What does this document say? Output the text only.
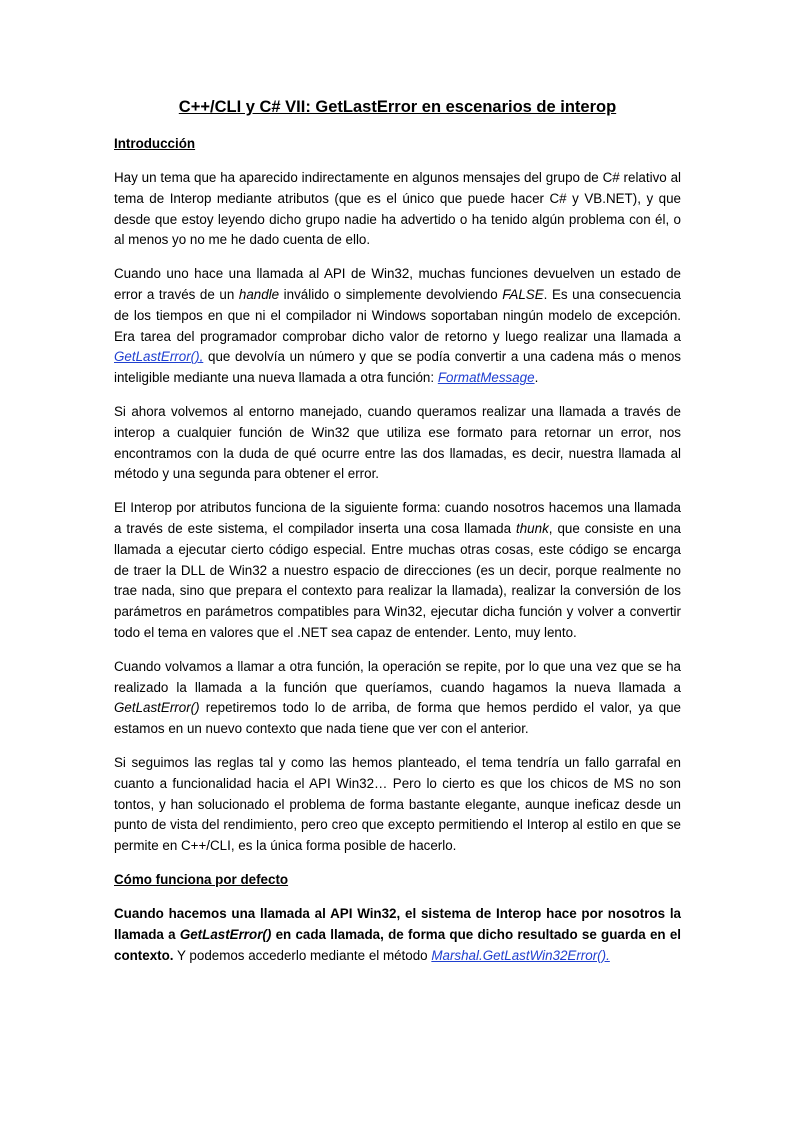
C++/CLI y C# VII: GetLastError en escenarios de interop
Introducción

Hay un tema que ha aparecido indirectamente en algunos mensajes del grupo de C# relativo al tema de Interop mediante atributos (que es el único que puede hacer C# y VB.NET), y que desde que estoy leyendo dicho grupo nadie ha advertido o ha tenido algún problema con él, o al menos yo no me he dado cuenta de ello.

Cuando uno hace una llamada al API de Win32, muchas funciones devuelven un estado de error a través de un handle inválido o simplemente devolviendo FALSE. Es una consecuencia de los tiempos en que ni el compilador ni Windows soportaban ningún modelo de excepción. Era tarea del programador comprobar dicho valor de retorno y luego realizar una llamada a GetLastError(), que devolvía un número y que se podía convertir a una cadena más o menos inteligible mediante una nueva llamada a otra función: FormatMessage.

Si ahora volvemos al entorno manejado, cuando queramos realizar una llamada a través de interop a cualquier función de Win32 que utiliza ese formato para retornar un error, nos encontramos con la duda de qué ocurre entre las dos llamadas, es decir, nuestra llamada al método y una segunda para obtener el error.

El Interop por atributos funciona de la siguiente forma: cuando nosotros hacemos una llamada a través de este sistema, el compilador inserta una cosa llamada thunk, que consiste en una llamada a ejecutar cierto código especial. Entre muchas otras cosas, este código se encarga de traer la DLL de Win32 a nuestro espacio de direcciones (es un decir, porque realmente no trae nada, sino que prepara el contexto para realizar la llamada), realizar la conversión de los parámetros en parámetros compatibles para Win32, ejecutar dicha función y volver a convertir todo el tema en valores que el .NET sea capaz de entender. Lento, muy lento.

Cuando volvamos a llamar a otra función, la operación se repite, por lo que una vez que se ha realizado la llamada a la función que queríamos, cuando hagamos la nueva llamada a GetLastError() repetiremos todo lo de arriba, de forma que hemos perdido el valor, ya que estamos en un nuevo contexto que nada tiene que ver con el anterior.

Si seguimos las reglas tal y como las hemos planteado, el tema tendría un fallo garrafal en cuanto a funcionalidad hacia el API Win32… Pero lo cierto es que los chicos de MS no son tontos, y han solucionado el problema de forma bastante elegante, aunque ineficaz desde un punto de vista del rendimiento, pero creo que excepto permitiendo el Interop al estilo en que se permite en C++/CLI, es la única forma posible de hacerlo.

Cómo funciona por defecto

Cuando hacemos una llamada al API Win32, el sistema de Interop hace por nosotros la llamada a GetLastError() en cada llamada, de forma que dicho resultado se guarda en el contexto. Y podemos accederlo mediante el método Marshal.GetLastWin32Error().
